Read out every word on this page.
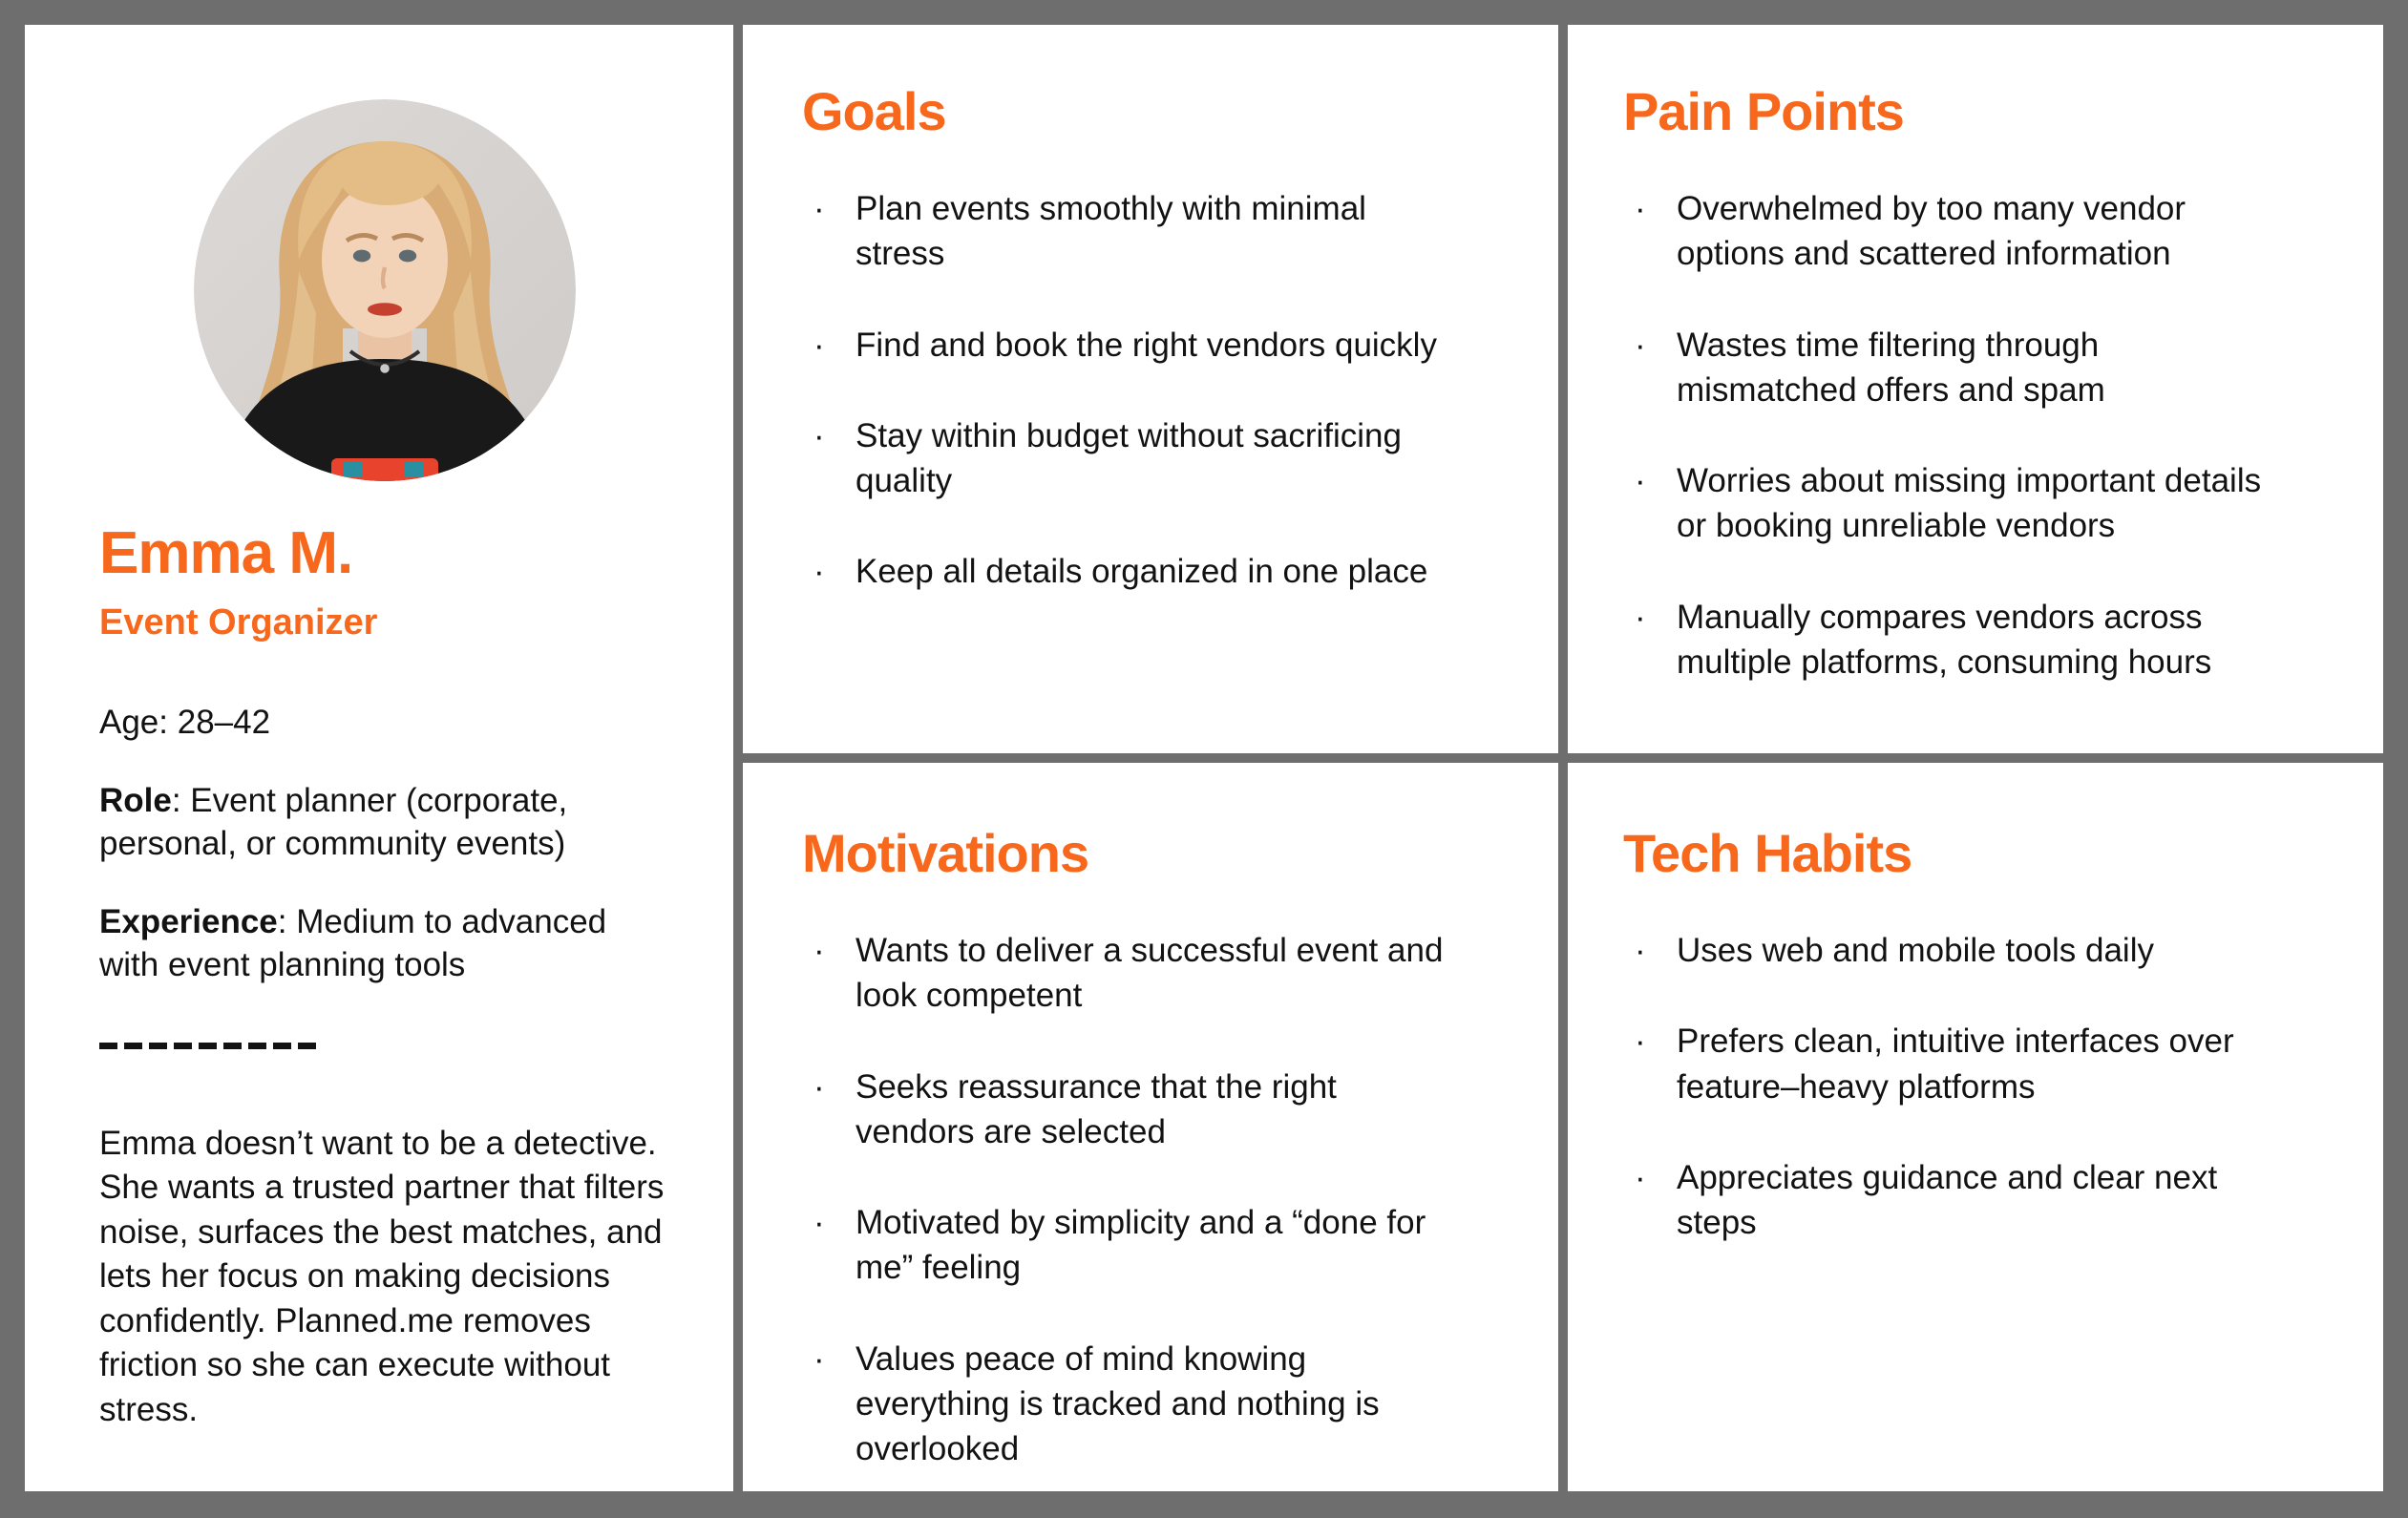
Emma M.
Event Organizer

Age: 28–42

Role: Event planner (corporate, personal, or community events)

Experience: Medium to advanced with event planning tools

Emma doesn’t want to be a detective. She wants a trusted partner that filters noise, surfaces the best matches, and lets her focus on making decisions confidently. Planned.me removes friction so she can execute without stress.

Goals
· Plan events smoothly with minimal stress
· Find and book the right vendors quickly
· Stay within budget without sacrificing quality
· Keep all details organized in one place
Pain Points
· Overwhelmed by too many vendor options and scattered information
· Wastes time filtering through mismatched offers and spam
· Worries about missing important details or booking unreliable vendors
· Manually compares vendors across multiple platforms, consuming hours
Motivations
· Wants to deliver a successful event and look competent
· Seeks reassurance that the right vendors are selected
· Motivated by simplicity and a “done for me” feeling
· Values peace of mind knowing everything is tracked and nothing is overlooked
Tech Habits
· Uses web and mobile tools daily
· Prefers clean, intuitive interfaces over feature–heavy platforms
· Appreciates guidance and clear next steps
